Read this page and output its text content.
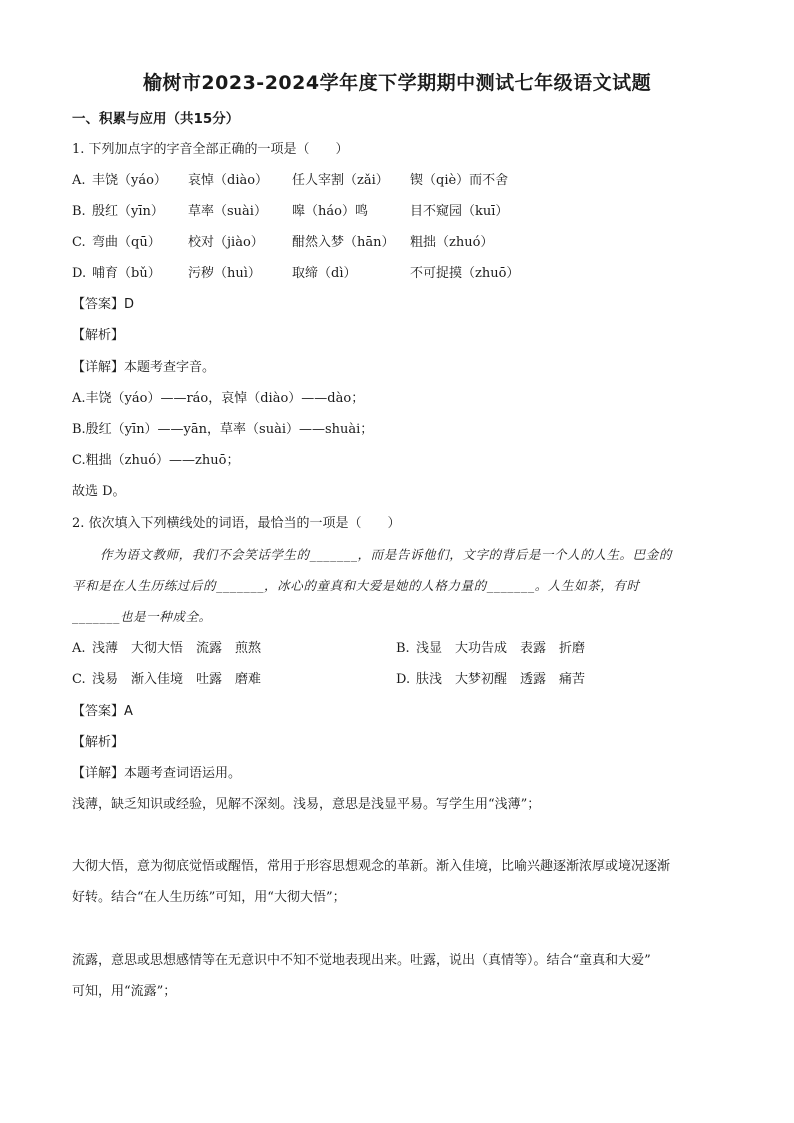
榆树市2023-2024学年度下学期期中测试七年级语文试题
一、积累与应用（共15分）
1. 下列加点字的字音全部正确的一项是（　　）
A. 丰饶（yáo）	哀悼（diào）	任人宰割（zǎi）	锲（qiè）而不舍
B. 殷红（yīn）	草率（suài）	嗥（háo）鸣	目不窥园（kuī）
C. 弯曲（qū）	校对（jiào）	酣然入梦（hān）	粗拙（zhuó）
D. 哺育（bǔ）	污秽（huì）	取缔（dì）	不可捉摸（zhuō）
【答案】D
【解析】
【详解】本题考查字音。
A.丰饶（yáo）——ráo，哀悼（diào）——dào；
B.殷红（yīn）——yān，草率（suài）——shuài；
C.粗拙（zhuó）——zhuō；
故选 D。
2. 依次填入下列横线处的词语，最恰当的一项是（　　）
作为语文教师，我们不会笑话学生的_______，而是告诉他们，文字的背后是一个人的人生。巴金的
平和是在人生历练过后的_______，冰心的童真和大爱是她的人格力量的_______。人生如茶，有时
_______也是一种成全。
A. 浅薄　大彻大悟　流露　煎熬	B. 浅显　大功告成　表露　折磨
C. 浅易　渐入佳境　吐露　磨难	D. 肤浅　大梦初醒　透露　痛苦
【答案】A
【解析】
【详解】本题考查词语运用。
浅薄，缺乏知识或经验，见解不深刻。浅易，意思是浅显平易。写学生用“浅薄”；
大彻大悟，意为彻底觉悟或醒悟，常用于形容思想观念的革新。渐入佳境，比喻兴趣逐渐浓厚或境况逐渐
好转。结合“在人生历练”可知，用“大彻大悟”；
流露，意思或思想感情等在无意识中不知不觉地表现出来。吐露，说出（真情等）。结合“童真和大爱”
可知，用“流露”；
